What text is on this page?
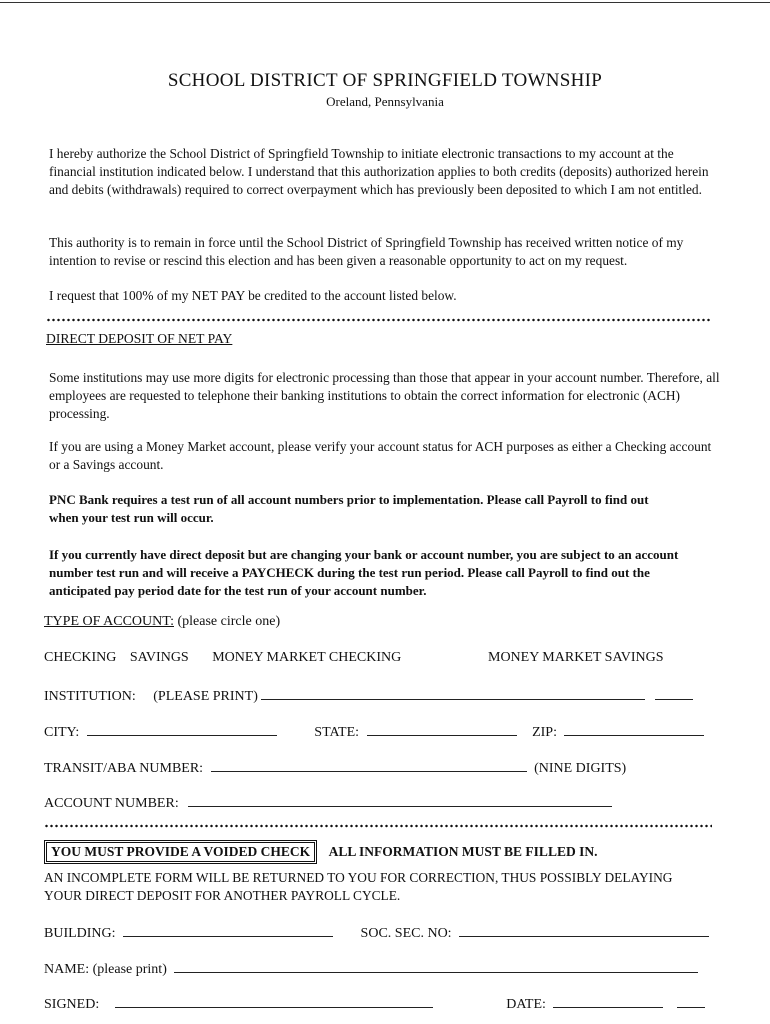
SCHOOL DISTRICT OF SPRINGFIELD TOWNSHIP
Oreland, Pennsylvania
I hereby authorize the School District of Springfield Township to initiate electronic transactions to my account at the financial institution indicated below. I understand that this authorization applies to both credits (deposits) authorized herein and debits (withdrawals) required to correct overpayment which has previously been deposited to which I am not entitled.
This authority is to remain in force until the School District of Springfield Township has received written notice of my intention to revise or rescind this election and has been given a reasonable opportunity to act on my request.
I request that 100% of my NET PAY be credited to the account listed below.
DIRECT DEPOSIT OF NET PAY
Some institutions may use more digits for electronic processing than those that appear in your account number. Therefore, all employees are requested to telephone their banking institutions to obtain the correct information for electronic (ACH) processing.
If you are using a Money Market account, please verify your account status for ACH purposes as either a Checking account or a Savings account.
PNC Bank requires a test run of all account numbers prior to implementation. Please call Payroll to find out when your test run will occur.
If you currently have direct deposit but are changing your bank or account number, you are subject to an account number test run and will receive a PAYCHECK during the test run period. Please call Payroll to find out the anticipated pay period date for the test run of your account number.
TYPE OF ACCOUNT: (please circle one)
CHECKING SAVINGS MONEY MARKET CHECKING	MONEY MARKET SAVINGS
INSTITUTION: (PLEASE PRINT)
CITY:	STATE:	ZIP:
TRANSIT/ABA NUMBER:	(NINE DIGITS)
ACCOUNT NUMBER:
YOU MUST PROVIDE A VOIDED CHECK ALL INFORMATION MUST BE FILLED IN.
AN INCOMPLETE FORM WILL BE RETURNED TO YOU FOR CORRECTION, THUS POSSIBLY DELAYING YOUR DIRECT DEPOSIT FOR ANOTHER PAYROLL CYCLE.
BUILDING:	SOC. SEC. NO:
NAME: (please print)
SIGNED:	DATE:
